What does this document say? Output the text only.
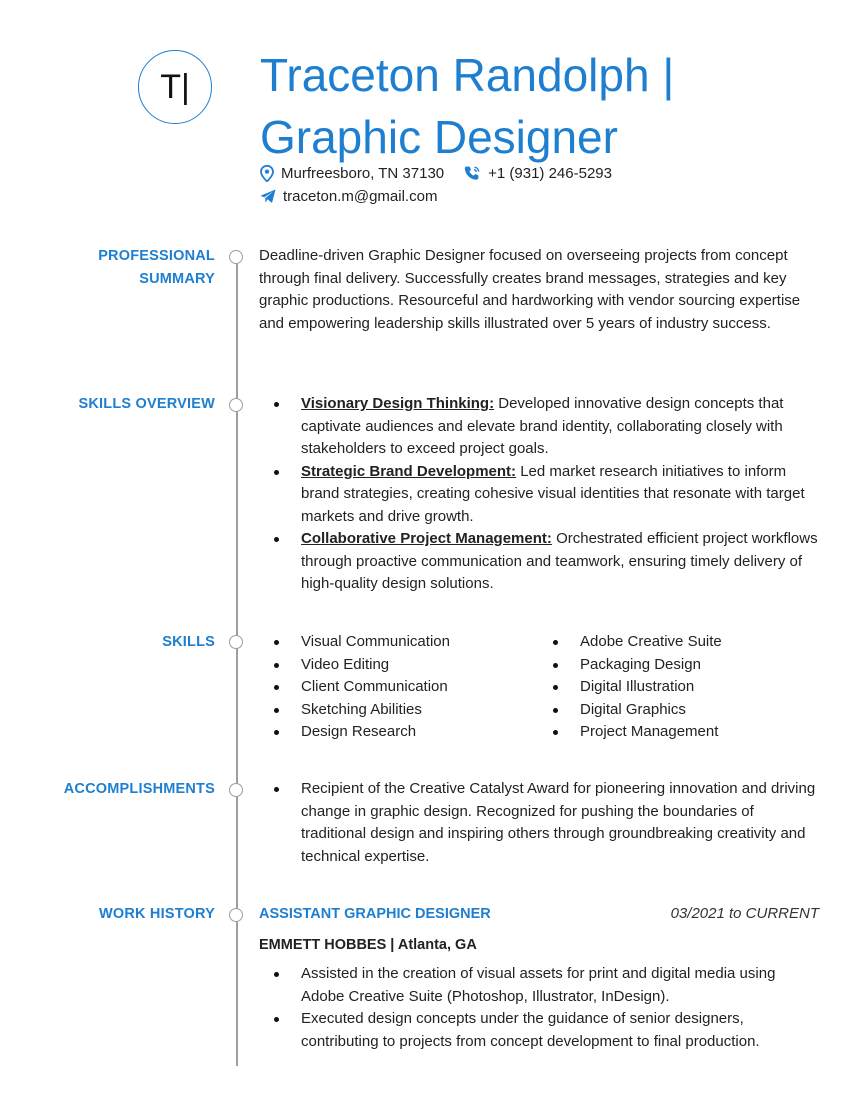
T|	Traceton Randolph |
Graphic Designer
Murfreesboro, TN 37130	+1 (931) 246-5293
traceton.m@gmail.com
PROFESSIONAL
SUMMARY
Deadline-driven Graphic Designer focused on overseeing projects from concept through final delivery. Successfully creates brand messages, strategies and key graphic productions. Resourceful and hardworking with vendor sourcing expertise and empowering leadership skills illustrated over 5 years of industry success.
SKILLS OVERVIEW	Visionary Design Thinking: Developed innovative design concepts that captivate audiences and elevate brand identity, collaborating closely with stakeholders to exceed project goals.
Strategic Brand Development: Led market research initiatives to inform brand strategies, creating cohesive visual identities that resonate with target markets and drive growth.
Collaborative Project Management: Orchestrated efficient project workflows through proactive communication and teamwork, ensuring timely delivery of high-quality design solutions.
SKILLS	Visual Communication
Video Editing
Client Communication
Sketching Abilities
Design Research
Adobe Creative Suite
Packaging Design
Digital Illustration
Digital Graphics
Project Management
ACCOMPLISHMENTS	Recipient of the Creative Catalyst Award for pioneering innovation and driving change in graphic design. Recognized for pushing the boundaries of traditional design and inspiring others through groundbreaking creativity and technical expertise.
WORK HISTORY	ASSISTANT GRAPHIC DESIGNER	03/2021 to CURRENT
EMMETT HOBBES | Atlanta, GA
Assisted in the creation of visual assets for print and digital media using Adobe Creative Suite (Photoshop, Illustrator, InDesign).
Executed design concepts under the guidance of senior designers, contributing to projects from concept development to final production.
